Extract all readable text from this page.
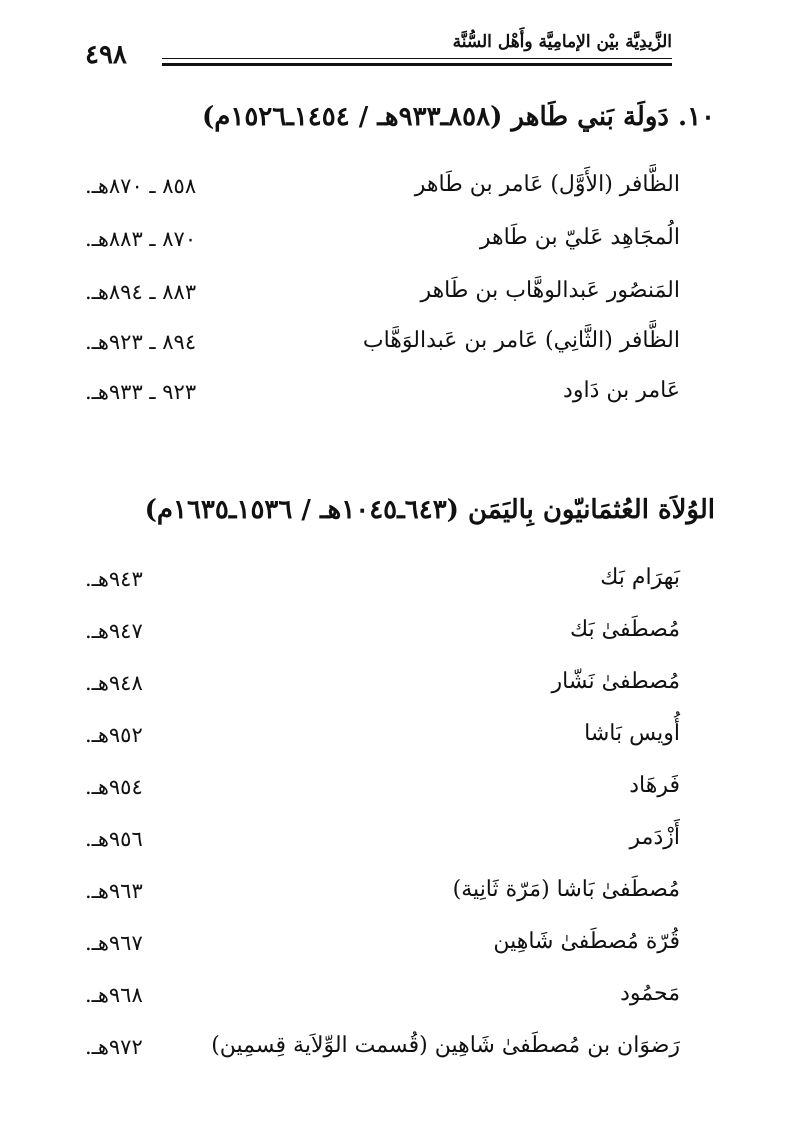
الزَّيدِيَّة بيْن الإمامِيَّة وأَهْل السُّنَّة
٤٩٨
١٠. دَولَة بَني طَاهر (٨٥٨ـ٩٣٣هـ / ١٤٥٤ـ١٥٢٦م)
الظَّافر (الأَوَّل) عَامر بن طَاهر
٨٥٨ ـ ٨٧٠هـ.
الُمجَاهِد عَليّ بن طَاهر
٨٧٠ ـ ٨٨٣هـ.
المَنصُور عَبدالوهَّاب بن طَاهر
٨٨٣ ـ ٨٩٤هـ.
الظَّافر (الثَّانِي) عَامر بن عَبدالوَهَّاب
٨٩٤ ـ ٩٢٣هـ.
عَامر بن دَاود
٩٢٣ ـ ٩٣٣هـ.
الوُلاَة العُثمَانيّون بِاليَمَن (٦٤٣ـ١٠٤٥هـ / ١٥٣٦ـ١٦٣٥م)
بَهرَام بَك
٩٤٣هـ.
مُصطَفىٰ بَك
٩٤٧هـ.
مُصطفىٰ نَشّار
٩٤٨هـ.
أُويس بَاشا
٩٥٢هـ.
فَرهَاد
٩٥٤هـ.
أَزْدَمر
٩٥٦هـ.
مُصطَفىٰ بَاشا (مَرّة ثَانِية)
٩٦٣هـ.
قُرّة مُصطَفىٰ شَاهِين
٩٦٧هـ.
مَحمُود
٩٦٨هـ.
رَضوَان بن مُصطَفىٰ شَاهِين (قُسمت الوِّلاَية قِسمِين)
٩٧٢هـ.
